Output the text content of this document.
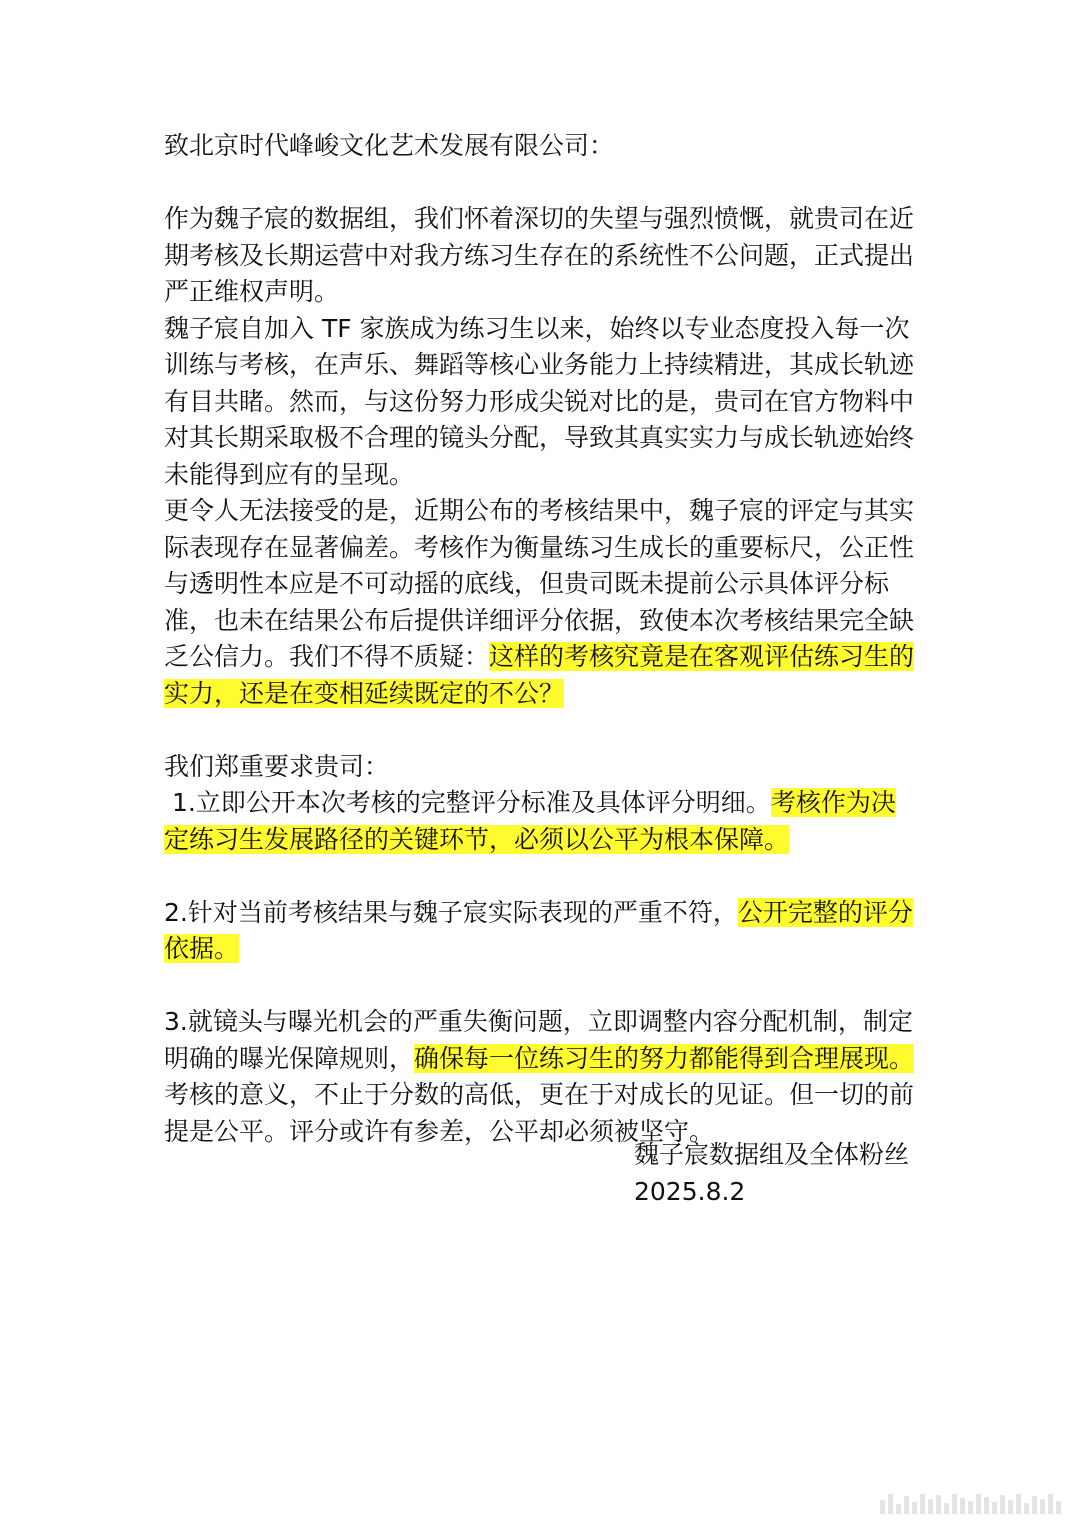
致北京时代峰峻文化艺术发展有限公司：

作为魏子宸的数据组，我们怀着深切的失望与强烈愤慨，就贵司在近期考核及长期运营中对我方练习生存在的系统性不公问题，正式提出严正维权声明。

魏子宸自加入 TF 家族成为练习生以来，始终以专业态度投入每一次训练与考核，在声乐、舞蹈等核心业务能力上持续精进，其成长轨迹有目共睹。然而，与这份努力形成尖锐对比的是，贵司在官方物料中对其长期采取极不合理的镜头分配，导致其真实实力与成长轨迹始终未能得到应有的呈现。

更令人无法接受的是，近期公布的考核结果中，魏子宸的评定与其实际表现存在显著偏差。考核作为衡量练习生成长的重要标尺，公正性与透明性本应是不可动摇的底线，但贵司既未提前公示具体评分标准，也未在结果公布后提供详细评分依据，致使本次考核结果完全缺乏公信力。我们不得不质疑：这样的考核究竟是在客观评估练习生的实力，还是在变相延续既定的不公？

我们郑重要求贵司：

1.立即公开本次考核的完整评分标准及具体评分明细。考核作为决定练习生发展路径的关键环节，必须以公平为根本保障。

2.针对当前考核结果与魏子宸实际表现的严重不符，公开完整的评分依据。

3.就镜头与曝光机会的严重失衡问题，立即调整内容分配机制，制定明确的曝光保障规则，确保每一位练习生的努力都能得到合理展现。

考核的意义，不止于分数的高低，更在于对成长的见证。但一切的前提是公平。评分或许有参差，公平却必须被坚守。

魏子宸数据组及全体粉丝
2025.8.2
